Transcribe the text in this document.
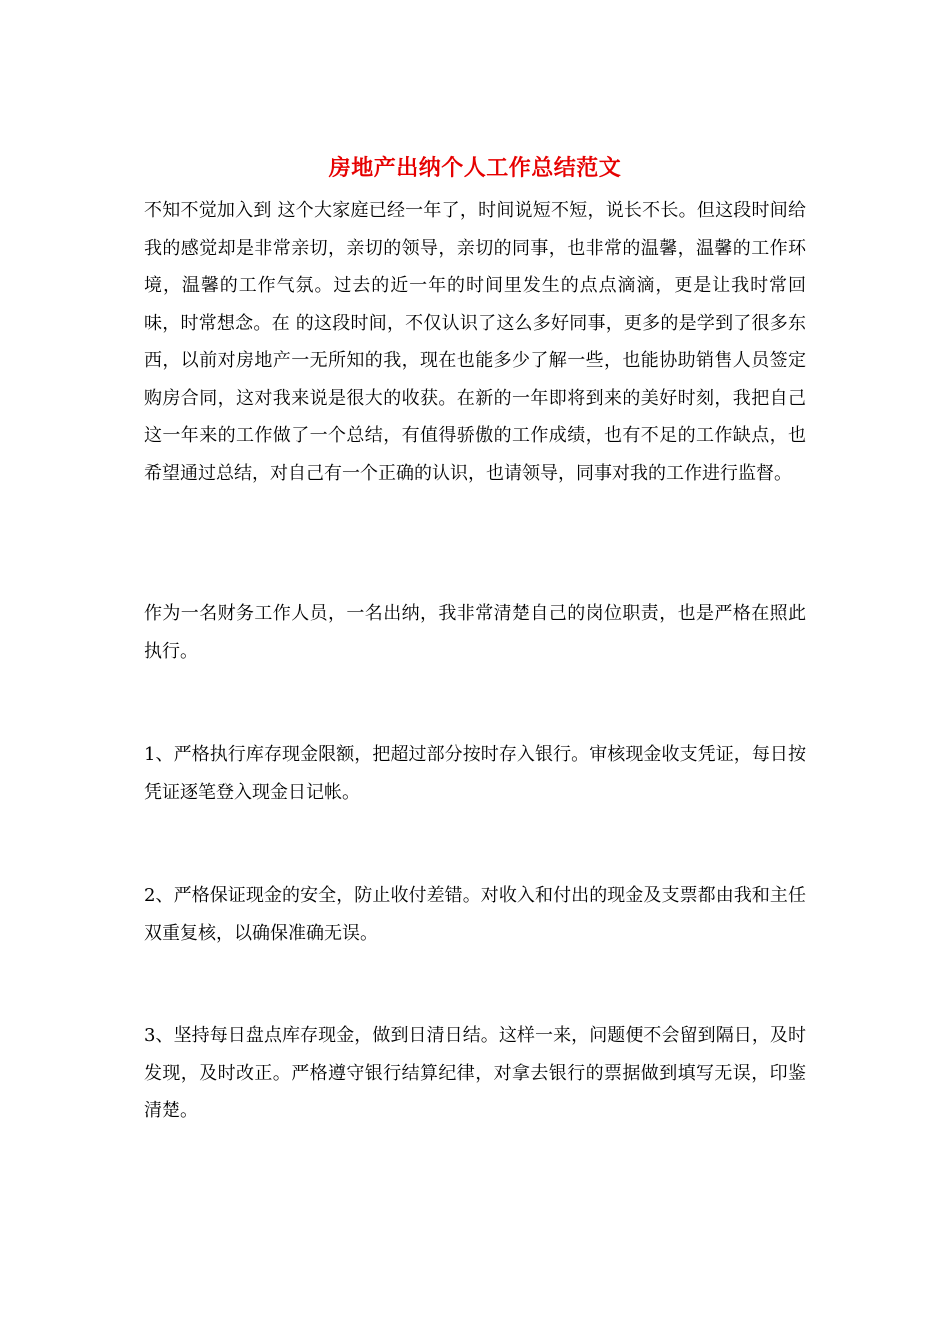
房地产出纳个人工作总结范文

不知不觉加入到 这个大家庭已经一年了，时间说短不短，说长不长。但这段时间给我的感觉却是非常亲切，亲切的领导，亲切的同事，也非常的温馨，温馨的工作环境，温馨的工作气氛。过去的近一年的时间里发生的点点滴滴，更是让我时常回味，时常想念。在 的这段时间，不仅认识了这么多好同事，更多的是学到了很多东西，以前对房地产一无所知的我，现在也能多少了解一些，也能协助销售人员签定购房合同，这对我来说是很大的收获。在新的一年即将到来的美好时刻，我把自己这一年来的工作做了一个总结，有值得骄傲的工作成绩，也有不足的工作缺点，也希望通过总结，对自己有一个正确的认识，也请领导，同事对我的工作进行监督。

作为一名财务工作人员，一名出纳，我非常清楚自己的岗位职责，也是严格在照此执行。

1、严格执行库存现金限额，把超过部分按时存入银行。审核现金收支凭证，每日按凭证逐笔登入现金日记帐。

2、严格保证现金的安全，防止收付差错。对收入和付出的现金及支票都由我和主任双重复核，以确保准确无误。

3、坚持每日盘点库存现金，做到日清日结。这样一来，问题便不会留到隔日，及时发现，及时改正。严格遵守银行结算纪律，对拿去银行的票据做到填写无误，印鉴清楚。
